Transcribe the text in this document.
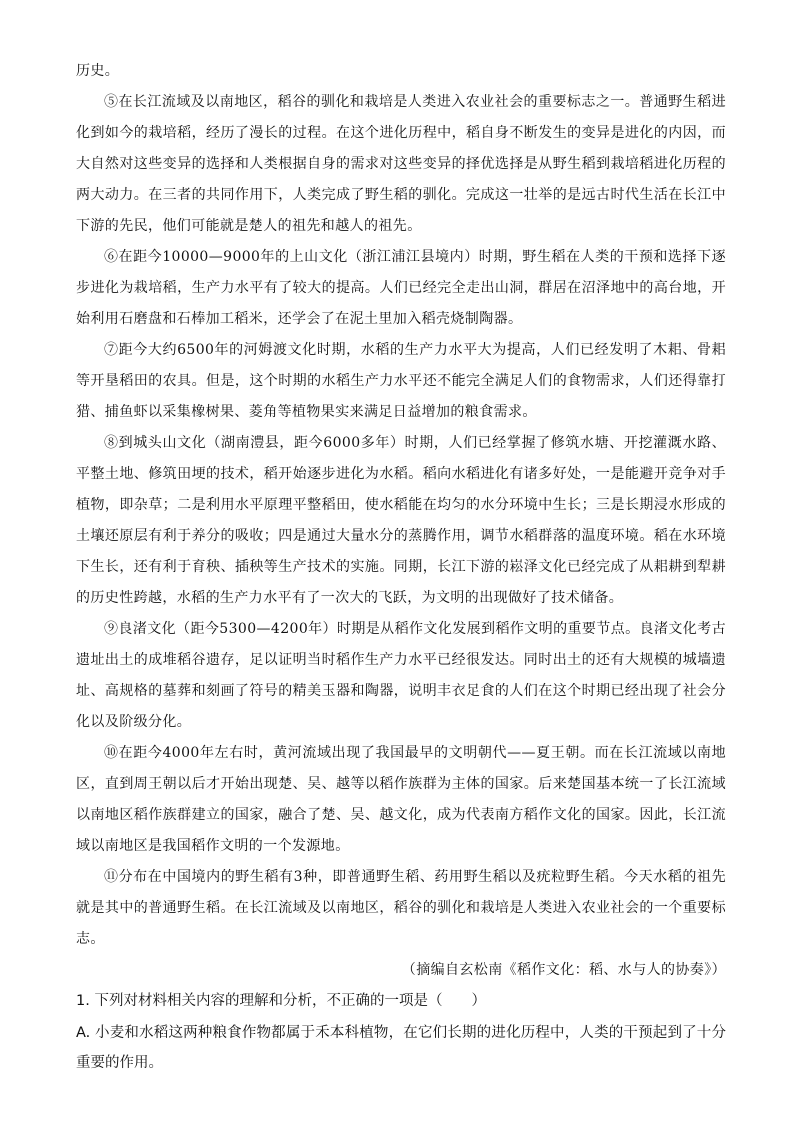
历史。

⑤在长江流域及以南地区，稻谷的驯化和栽培是人类进入农业社会的重要标志之一。普通野生稻进化到如今的栽培稻，经历了漫长的过程。在这个进化历程中，稻自身不断发生的变异是进化的内因，而大自然对这些变异的选择和人类根据自身的需求对这些变异的择优选择是从野生稻到栽培稻进化历程的两大动力。在三者的共同作用下，人类完成了野生稻的驯化。完成这一壮举的是远古时代生活在长江中下游的先民，他们可能就是楚人的祖先和越人的祖先。

⑥在距今10000—9000年的上山文化（浙江浦江县境内）时期，野生稻在人类的干预和选择下逐步进化为栽培稻，生产力水平有了较大的提高。人们已经完全走出山洞，群居在沼泽地中的高台地，开始利用石磨盘和石棒加工稻米，还学会了在泥土里加入稻壳烧制陶器。

⑦距今大约6500年的河姆渡文化时期，水稻的生产力水平大为提高，人们已经发明了木耜、骨耜等开垦稻田的农具。但是，这个时期的水稻生产力水平还不能完全满足人们的食物需求，人们还得靠打猎、捕鱼虾以采集橡树果、菱角等植物果实来满足日益增加的粮食需求。

⑧到城头山文化（湖南澧县，距今6000多年）时期，人们已经掌握了修筑水塘、开挖灌溉水路、平整土地、修筑田埂的技术，稻开始逐步进化为水稻。稻向水稻进化有诸多好处，一是能避开竞争对手植物，即杂草；二是利用水平原理平整稻田，使水稻能在均匀的水分环境中生长；三是长期浸水形成的土壤还原层有利于养分的吸收；四是通过大量水分的蒸腾作用，调节水稻群落的温度环境。稻在水环境下生长，还有利于育秧、插秧等生产技术的实施。同期，长江下游的崧泽文化已经完成了从耜耕到犁耕的历史性跨越，水稻的生产力水平有了一次大的飞跃，为文明的出现做好了技术储备。

⑨良渚文化（距今5300—4200年）时期是从稻作文化发展到稻作文明的重要节点。良渚文化考古遗址出土的成堆稻谷遗存，足以证明当时稻作生产力水平已经很发达。同时出土的还有大规模的城墙遗址、高规格的墓葬和刻画了符号的精美玉器和陶器，说明丰衣足食的人们在这个时期已经出现了社会分化以及阶级分化。

⑩在距今4000年左右时，黄河流域出现了我国最早的文明朝代——夏王朝。而在长江流域以南地区，直到周王朝以后才开始出现楚、吴、越等以稻作族群为主体的国家。后来楚国基本统一了长江流域以南地区稻作族群建立的国家，融合了楚、吴、越文化，成为代表南方稻作文化的国家。因此，长江流域以南地区是我国稻作文明的一个发源地。

⑪分布在中国境内的野生稻有3种，即普通野生稻、药用野生稻以及疣粒野生稻。今天水稻的祖先就是其中的普通野生稻。在长江流域及以南地区，稻谷的驯化和栽培是人类进入农业社会的一个重要标志。

（摘编自玄松南《稻作文化：稻、水与人的协奏》）

1. 下列对材料相关内容的理解和分析，不正确的一项是（　　）

A. 小麦和水稻这两种粮食作物都属于禾本科植物，在它们长期的进化历程中，人类的干预起到了十分重要的作用。
